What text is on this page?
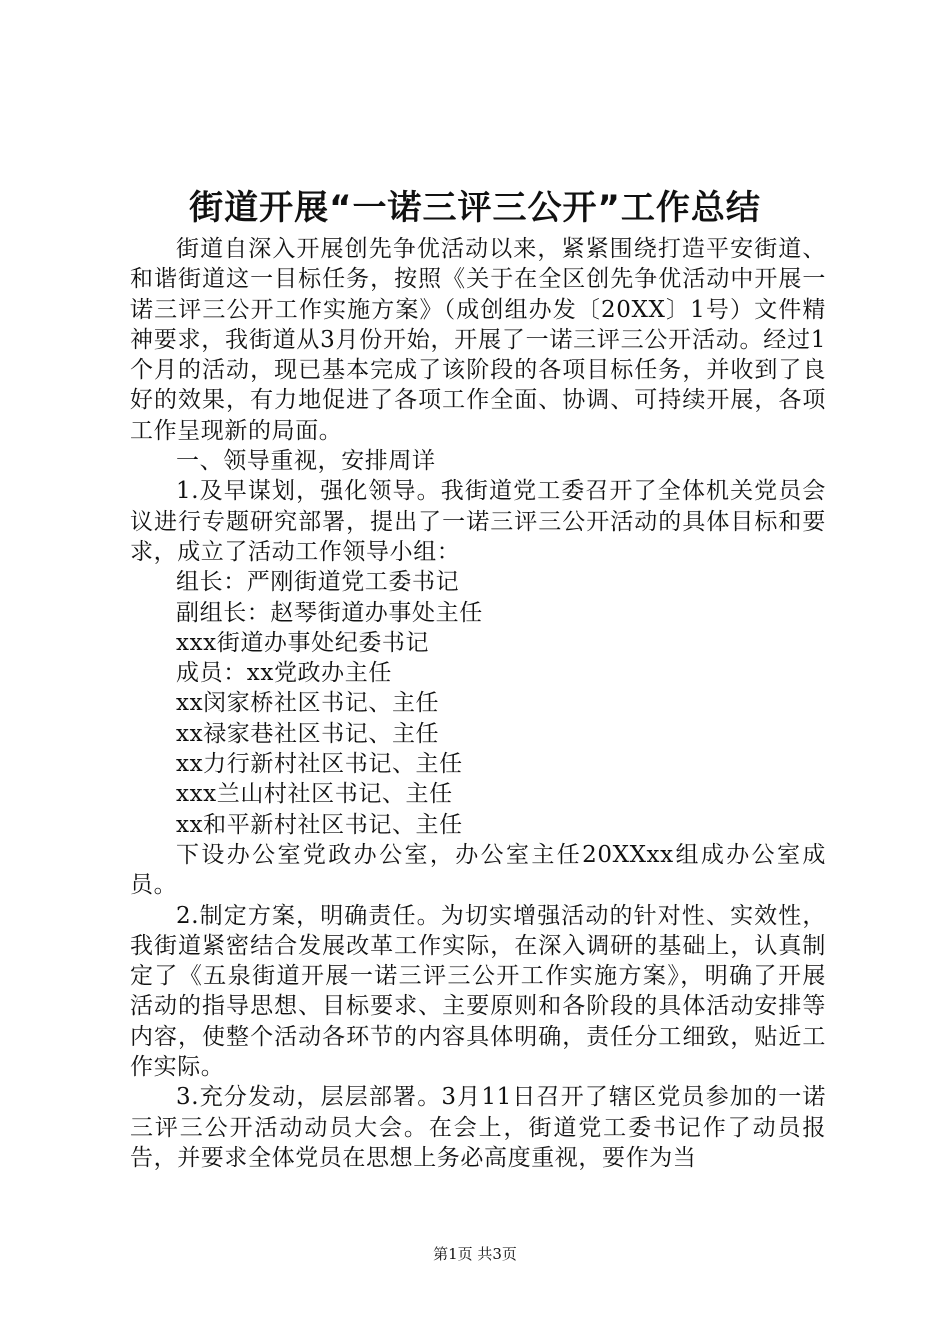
街道开展“一诺三评三公开”工作总结

街道自深入开展创先争优活动以来，紧紧围绕打造平安街道、和谐街道这一目标任务，按照《关于在全区创先争优活动中开展一诺三评三公开工作实施方案》（成创组办发〔20XX〕1号）文件精神要求，我街道从3月份开始，开展了一诺三评三公开活动。经过1个月的活动，现已基本完成了该阶段的各项目标任务，并收到了良好的效果，有力地促进了各项工作全面、协调、可持续开展，各项工作呈现新的局面。

一、领导重视，安排周详

1.及早谋划，强化领导。我街道党工委召开了全体机关党员会议进行专题研究部署，提出了一诺三评三公开活动的具体目标和要求，成立了活动工作领导小组：

组长：严刚街道党工委书记

副组长：赵琴街道办事处主任

xxx街道办事处纪委书记

成员：xx党政办主任

xx闵家桥社区书记、主任

xx禄家巷社区书记、主任

xx力行新村社区书记、主任

xxx兰山村社区书记、主任

xx和平新村社区书记、主任

下设办公室党政办公室，办公室主任20XXxx组成办公室成员。

2.制定方案，明确责任。为切实增强活动的针对性、实效性，我街道紧密结合发展改革工作实际，在深入调研的基础上，认真制定了《五泉街道开展一诺三评三公开工作实施方案》，明确了开展活动的指导思想、目标要求、主要原则和各阶段的具体活动安排等内容，使整个活动各环节的内容具体明确，责任分工细致，贴近工作实际。

3.充分发动，层层部署。3月11日召开了辖区党员参加的一诺三评三公开活动动员大会。在会上，街道党工委书记作了动员报告，并要求全体党员在思想上务必高度重视，要作为当

第1页 共3页
